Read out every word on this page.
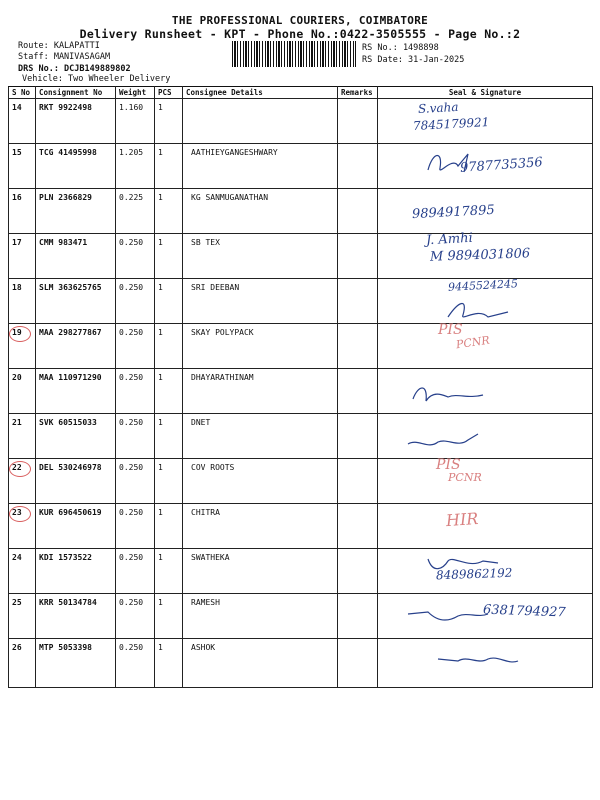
THE PROFESSIONAL COURIERS, COIMBATORE
Delivery Runsheet - KPT - Phone No.:0422-3505555 - Page No.:2
Route: KALAPATTI
Staff: MANIVASAGAM
DRS No.: DCJB149889802
Vehicle: Two Wheeler Delivery
RS No.: 1498898
RS Date: 31-Jan-2025
S No	Consignment No	Weight	PCS	Consignee Details	Remarks	Seal & Signature
14	RKT 9922498	1.160	1			S.vaha
7845179921

15	TCG 41495998	1.205	1	AATHIEYGANGESHWARY		9787735356

16	PLN 2366829	0.225	1	KG SANMUGANATHAN		9894917895

17	CMM 983471	0.250	1	SB TEX		J. Amhi
M 9894031806

18	SLM 363625765	0.250	1	SRI DEEBAN		9445524245

19	MAA 298277867	0.250	1	SKAY POLYPACK		PIS
PCNR

20	MAA 110971290	0.250	1	DHAYARATHINAM		

21	SVK 60515033	0.250	1	DNET		

22	DEL 530246978	0.250	1	COV ROOTS		PIS
PCNR

23	KUR 696450619	0.250	1	CHITRA		HIR

24	KDI 1573522	0.250	1	SWATHEKA		8489862192

25	KRR 50134784	0.250	1	RAMESH		6381794927

26	MTP 5053398	0.250	1	ASHOK		
